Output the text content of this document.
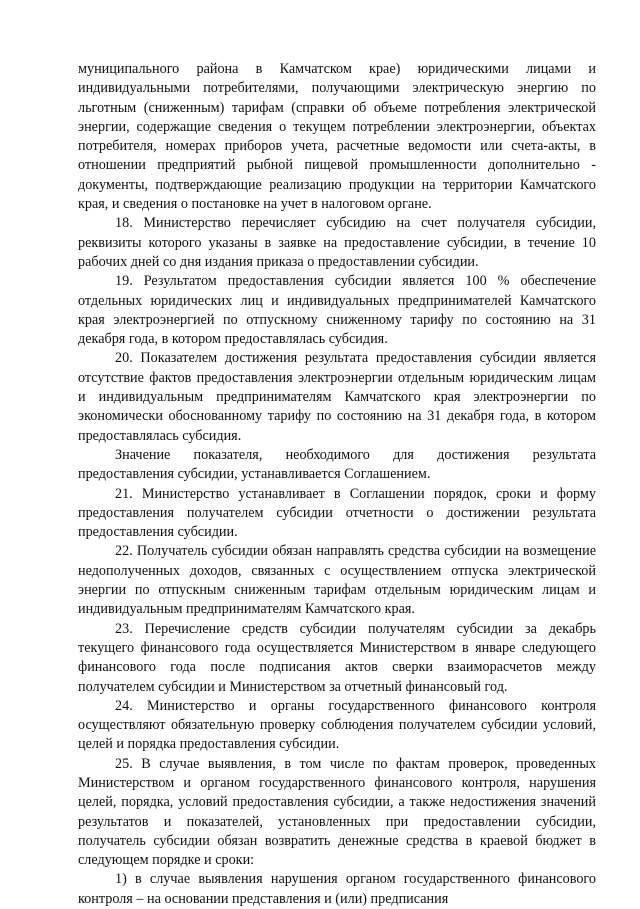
муниципального района в Камчатском крае) юридическими лицами и индивидуальными потребителями, получающими электрическую энергию по льготным (сниженным) тарифам (справки об объеме потребления электрической энергии, содержащие сведения о текущем потреблении электроэнергии, объектах потребителя, номерах приборов учета, расчетные ведомости или счета-акты, в отношении предприятий рыбной пищевой промышленности дополнительно - документы, подтверждающие реализацию продукции на территории Камчатского края, и сведения о постановке на учет в налоговом органе.

18. Министерство перечисляет субсидию на счет получателя субсидии, реквизиты которого указаны в заявке на предоставление субсидии, в течение 10 рабочих дней со дня издания приказа о предоставлении субсидии.

19. Результатом предоставления субсидии является 100 % обеспечение отдельных юридических лиц и индивидуальных предпринимателей Камчатского края электроэнергией по отпускному сниженному тарифу по состоянию на 31 декабря года, в котором предоставлялась субсидия.

20. Показателем достижения результата предоставления субсидии является отсутствие фактов предоставления электроэнергии отдельным юридическим лицам и индивидуальным предпринимателям Камчатского края электроэнергии по экономически обоснованному тарифу по состоянию на 31 декабря года, в котором предоставлялась субсидия.

Значение показателя, необходимого для достижения результата предоставления субсидии, устанавливается Соглашением.

21. Министерство устанавливает в Соглашении порядок, сроки и форму предоставления получателем субсидии отчетности о достижении результата предоставления субсидии.

22. Получатель субсидии обязан направлять средства субсидии на возмещение недополученных доходов, связанных с осуществлением отпуска электрической энергии по отпускным сниженным тарифам отдельным юридическим лицам и индивидуальным предпринимателям Камчатского края.

23. Перечисление средств субсидии получателям субсидии за декабрь текущего финансового года осуществляется Министерством в январе следующего финансового года после подписания актов сверки взаиморасчетов между получателем субсидии и Министерством за отчетный финансовый год.

24. Министерство и органы государственного финансового контроля осуществляют обязательную проверку соблюдения получателем субсидии условий, целей и порядка предоставления субсидии.

25. В случае выявления, в том числе по фактам проверок, проведенных Министерством и органом государственного финансового контроля, нарушения целей, порядка, условий предоставления субсидии, а также недостижения значений результатов и показателей, установленных при предоставлении субсидии, получатель субсидии обязан возвратить денежные средства в краевой бюджет в следующем порядке и сроки:

1) в случае выявления нарушения органом государственного финансового контроля – на основании представления и (или) предписания
